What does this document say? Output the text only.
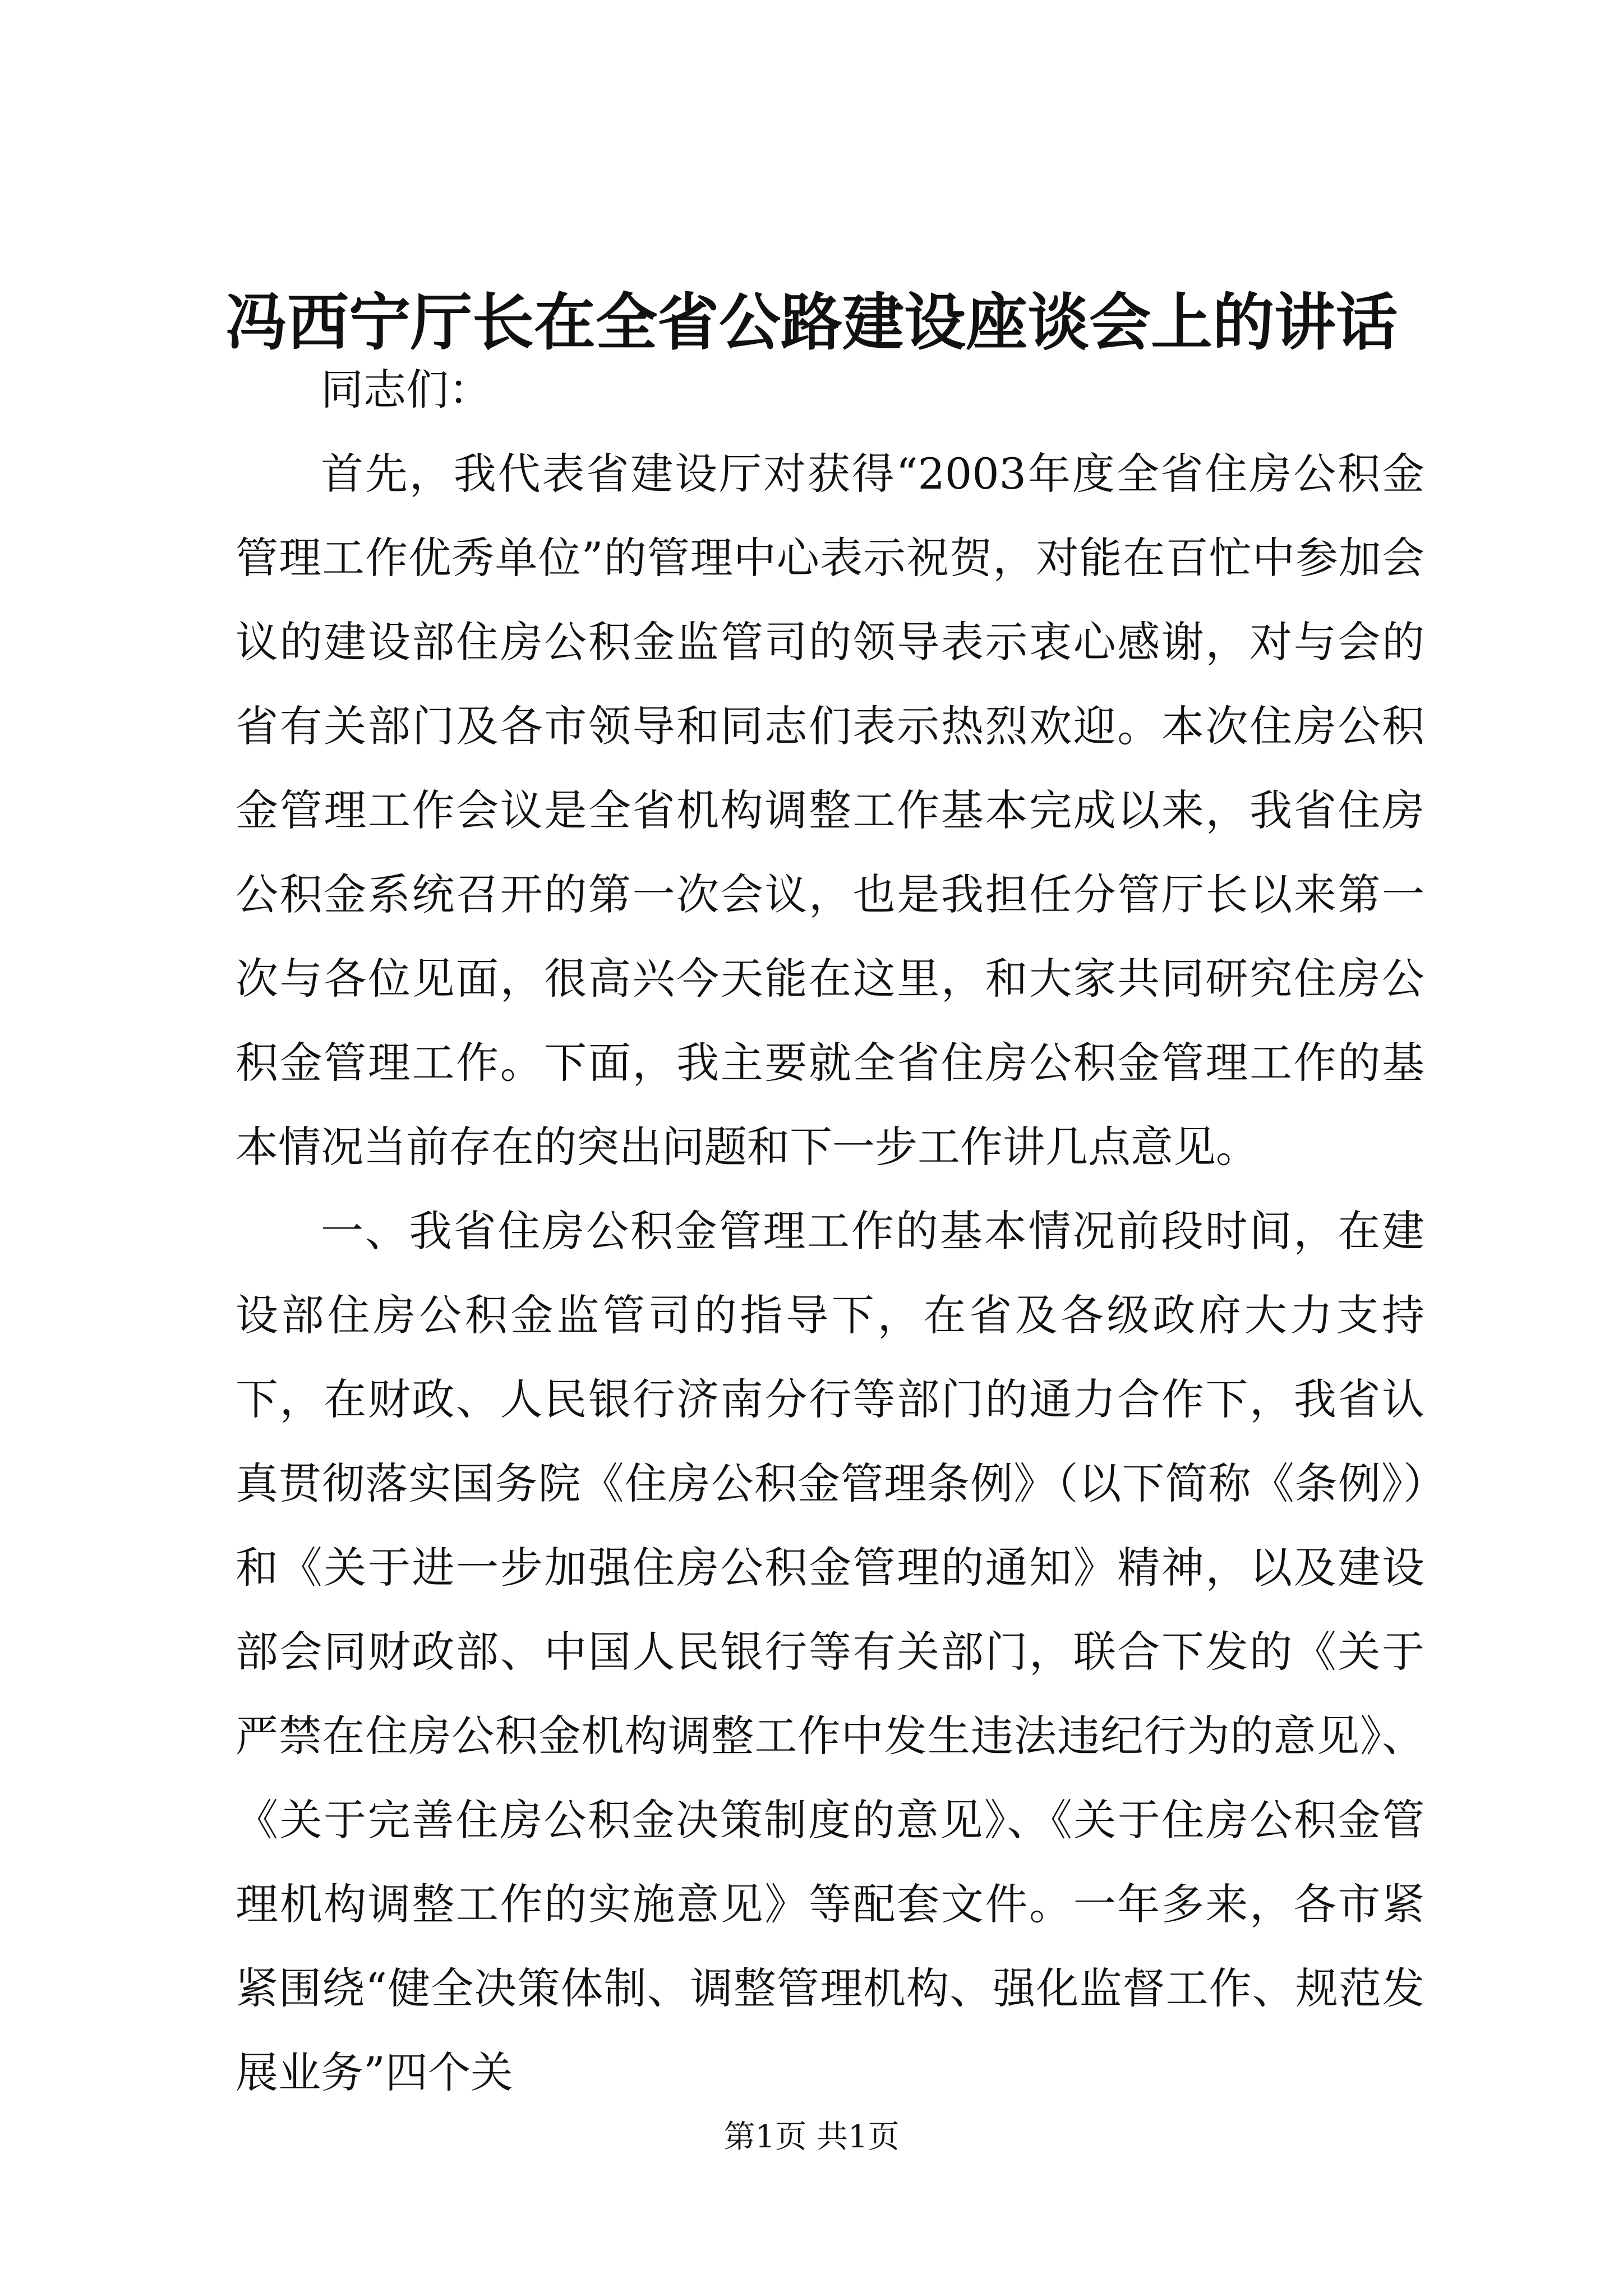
冯西宁厅长在全省公路建设座谈会上的讲话

同志们：

首先，我代表省建设厅对获得“2003年度全省住房公积金管理工作优秀单位”的管理中心表示祝贺，对能在百忙中参加会议的建设部住房公积金监管司的领导表示衷心感谢，对与会的省有关部门及各市领导和同志们表示热烈欢迎。本次住房公积金管理工作会议是全省机构调整工作基本完成以来，我省住房公积金系统召开的第一次会议，也是我担任分管厅长以来第一次与各位见面，很高兴今天能在这里，和大家共同研究住房公积金管理工作。下面，我主要就全省住房公积金管理工作的基本情况当前存在的突出问题和下一步工作讲几点意见。

一、我省住房公积金管理工作的基本情况前段时间，在建设部住房公积金监管司的指导下，在省及各级政府大力支持下，在财政、人民银行济南分行等部门的通力合作下，我省认真贯彻落实国务院《住房公积金管理条例》（以下简称《条例》）和《关于进一步加强住房公积金管理的通知》精神，以及建设部会同财政部、中国人民银行等有关部门，联合下发的《关于严禁在住房公积金机构调整工作中发生违法违纪行为的意见》、《关于完善住房公积金决策制度的意见》、《关于住房公积金管理机构调整工作的实施意见》等配套文件。一年多来，各市紧紧围绕“健全决策体制、调整管理机构、强化监督工作、规范发展业务”四个关

第1页 共1页
